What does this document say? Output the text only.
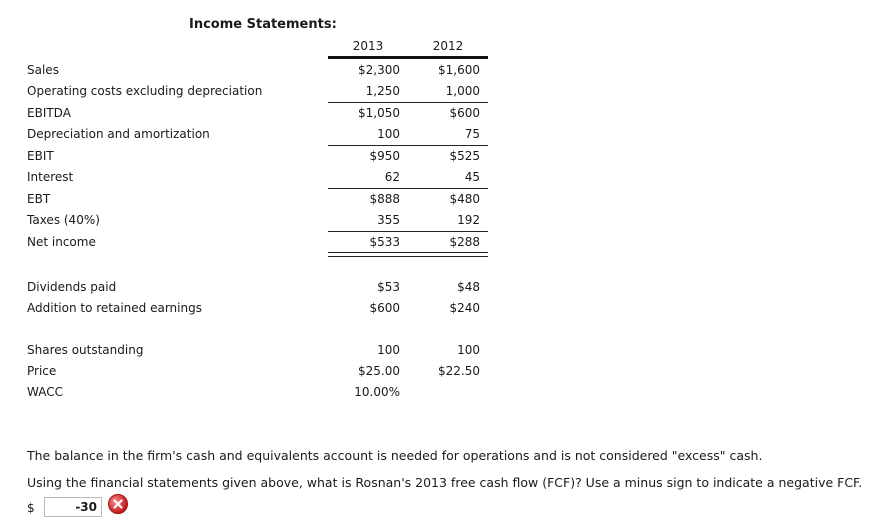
Income Statements:
2013	2012
Sales	$2,300	$1,600
Operating costs excluding depreciation	1,250	1,000
EBITDA	$1,050	$600
Depreciation and amortization	100	75
EBIT	$950	$525
Interest	62	45
EBT	$888	$480
Taxes (40%)	355	192
Net income	$533	$288
Dividends paid	$53	$48
Addition to retained earnings	$600	$240
Shares outstanding	100	100
Price	$25.00	$22.50
WACC	10.00%
The balance in the firm's cash and equivalents account is needed for operations and is not considered "excess" cash.
Using the financial statements given above, what is Rosnan's 2013 free cash flow (FCF)? Use a minus sign to indicate a negative FCF.
$	-30
